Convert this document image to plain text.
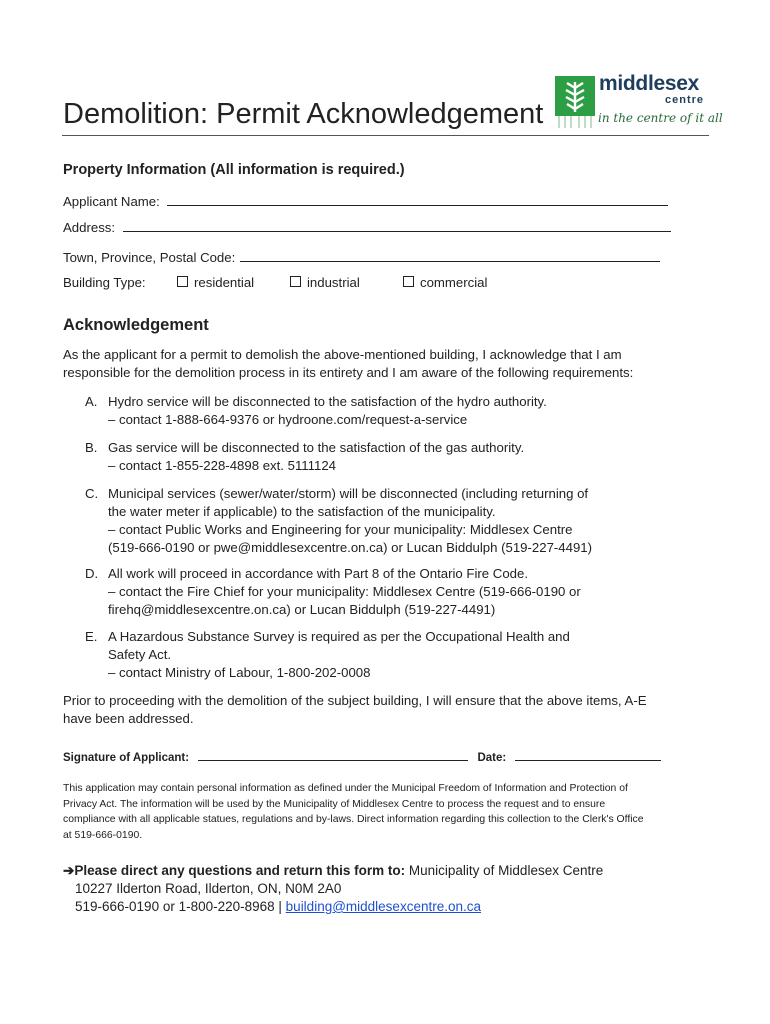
Demolition: Permit Acknowledgement
middlesex
centre
in the centre of it all
Property Information (All information is required.)
Applicant Name:
Address:
Town, Province, Postal Code:
Building Type:	residential	industrial	commercial
Acknowledgement
As the applicant for a permit to demolish the above-mentioned building, I acknowledge that I am
responsible for the demolition process in its entirety and I am aware of the following requirements:
A. Hydro service will be disconnected to the satisfaction of the hydro authority.
– contact 1-888-664-9376 or hydroone.com/request-a-service
B. Gas service will be disconnected to the satisfaction of the gas authority.
– contact 1-855-228-4898 ext. 5111124
C. Municipal services (sewer/water/storm) will be disconnected (including returning of
the water meter if applicable) to the satisfaction of the municipality.
– contact Public Works and Engineering for your municipality: Middlesex Centre
(519-666-0190 or pwe@middlesexcentre.on.ca) or Lucan Biddulph (519-227-4491)
D. All work will proceed in accordance with Part 8 of the Ontario Fire Code.
– contact the Fire Chief for your municipality: Middlesex Centre (519-666-0190 or
firehq@middlesexcentre.on.ca) or Lucan Biddulph (519-227-4491)
E. A Hazardous Substance Survey is required as per the Occupational Health and
Safety Act.
– contact Ministry of Labour, 1-800-202-0008
Prior to proceeding with the demolition of the subject building, I will ensure that the above items, A-E
have been addressed.
Signature of Applicant:	Date:
This application may contain personal information as defined under the Municipal Freedom of Information and Protection of
Privacy Act. The information will be used by the Municipality of Middlesex Centre to process the request and to ensure
compliance with all applicable statues, regulations and by-laws. Direct information regarding this collection to the Clerk's Office
at 519-666-0190.
➔Please direct any questions and return this form to: Municipality of Middlesex Centre
10227 Ilderton Road, Ilderton, ON, N0M 2A0
519-666-0190 or 1-800-220-8968 | building@middlesexcentre.on.ca
